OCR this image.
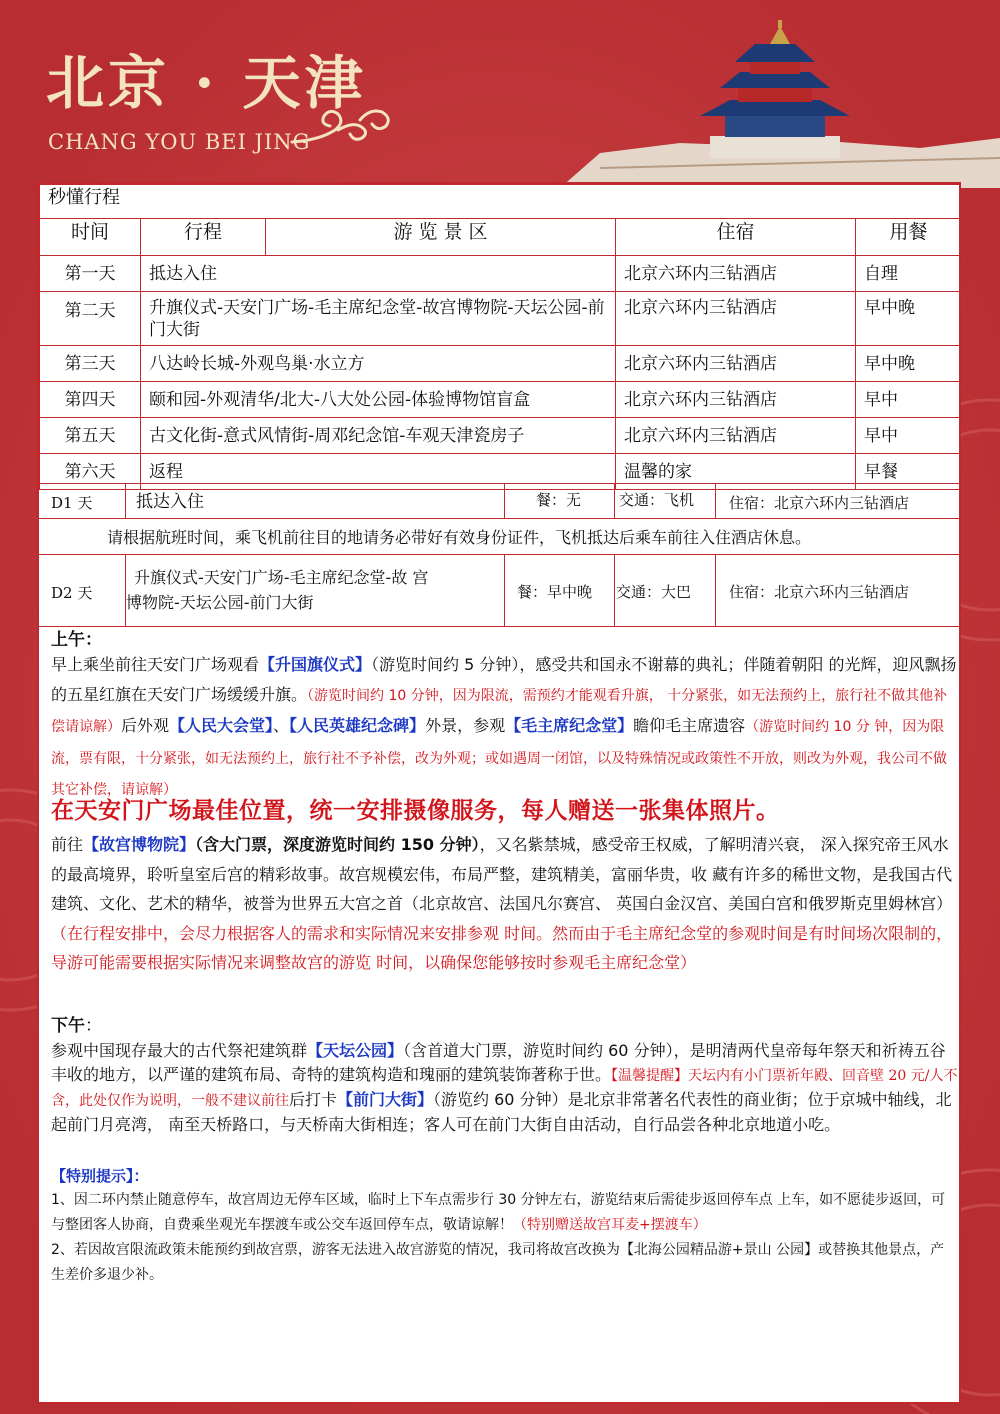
北京 · 天津
CHANG YOU BEI JING
秒懂行程				
时间	行程	游 览 景 区	住宿	用餐
第一天	抵达入住		北京六环内三钻酒店	自理
第二天	升旗仪式-天安门广场-毛主席纪念堂-故宫博物院-天坛公园-前门大街		北京六环内三钻酒店	早中晚
第三天	八达岭长城-外观鸟巢·水立方		北京六环内三钻酒店	早中晚
第四天	颐和园-外观清华/北大-八大处公园-体验博物馆盲盒		北京六环内三钻酒店	早中
第五天	古文化街-意式风情街-周邓纪念馆-车观天津瓷房子		北京六环内三钻酒店	早中
第六天	返程		温馨的家	早餐
D1 天	抵达入住	餐：无	交通：飞机 住宿：北京六环内三钻酒店
请根据航班时间，乘飞机前往目的地请务必带好有效身份证件，飞机抵达后乘车前往入住酒店休息。
D2 天
升旗仪式-天安门广场-毛主席纪念堂-故 宫
博物院-天坛公园-前门大街
餐：早中晚 交通：大巴	住宿：北京六环内三钻酒店
上午：
早上乘坐前往天安门广场观看【升国旗仪式】（游览时间约 5 分钟），感受共和国永不谢幕的典礼；伴随着朝阳 的光辉，迎风飘扬的五星红旗在天安门广场缓缓升旗。（游览时间约 10 分钟，因为限流，需预约才能观看升旗， 十分紧张，如无法预约上，旅行社不做其他补偿请谅解）后外观【人民大会堂】、【人民英雄纪念碑】外景，参观【毛主席纪念堂】瞻仰毛主席遗容（游览时间约 10 分 钟，因为限流，票有限，十分紧张，如无法预约上，旅行社不予补偿，改为外观；或如遇周一闭馆，以及特殊情况或政策性不开放，则改为外观，我公司不做其它补偿，请谅解）
在天安门广场最佳位置，统一安排摄像服务，每人赠送一张集体照片。
前往【故宫博物院】（含大门票，深度游览时间约 150 分钟），又名紫禁城，感受帝王权威，了解明清兴衰， 深入探究帝王风水的最高境界，聆听皇室后宫的精彩故事。故宫规模宏伟，布局严整，建筑精美，富丽华贵，收 藏有许多的稀世文物，是我国古代建筑、文化、艺术的精华，被誉为世界五大宫之首（北京故宫、法国凡尔赛宫、 英国白金汉宫、美国白宫和俄罗斯克里姆林宫）（在行程安排中，会尽力根据客人的需求和实际情况来安排参观 时间。然而由于毛主席纪念堂的参观时间是有时间场次限制的，导游可能需要根据实际情况来调整故宫的游览 时间，以确保您能够按时参观毛主席纪念堂）
下午：
参观中国现存最大的古代祭祀建筑群【天坛公园】（含首道大门票，游览时间约 60 分钟），是明清两代皇帝每年祭天和祈祷五谷丰收的地方，以严谨的建筑布局、奇特的建筑构造和瑰丽的建筑装饰著称于世。【温馨提醒】天坛内有小门票祈年殿、回音壁 20 元/人不含，此处仅作为说明，一般不建议前往后打卡【前门大街】（游览约 60 分钟）是北京非常著名代表性的商业街；位于京城中轴线，北起前门月亮湾， 南至天桥路口，与天桥南大街相连；客人可在前门大街自由活动，自行品尝各种北京地道小吃。
【特别提示】：
1、因二环内禁止随意停车，故宫周边无停车区域，临时上下车点需步行 30 分钟左右，游览结束后需徒步返回停车点 上车，如不愿徒步返回，可与整团客人协商，自费乘坐观光车摆渡车或公交车返回停车点，敬请谅解！（特别赠送故宫耳麦+摆渡车）
2、若因故宫限流政策未能预约到故宫票，游客无法进入故宫游览的情况，我司将故宫改换为【北海公园精品游+景山 公园】或替换其他景点，产生差价多退少补。
